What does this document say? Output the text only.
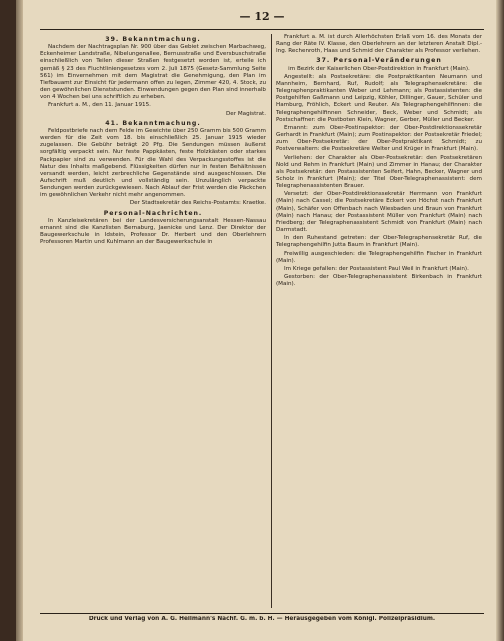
— 12 —
39. Bekanntmachung.

Nachdem der Nachtragsplan Nr. 900 über das Gebiet zwischen Marbachweg, Eckenheimer Landstraße, Nibelungenallee, Bernusstraße und Eversbuschstraße einschließlich von Teilen dieser Straßen festgesetzt worden ist, erteile ich gemäß § 23 des Fluchtliniengesetzes vom 2. Juli 1875 (Gesetz-Sammlung Seite 561) im Einvernehmen mit dem Magistrat die Genehmigung, den Plan im Tiefbauamt zur Einsicht für jedermann offen zu legen, Zimmer 420, 4. Stock, zu den gewöhnlichen Dienststunden. Einwendungen gegen den Plan sind innerhalb von 4 Wochen bei uns schriftlich zu erheben.

Frankfurt a. M., den 11. Januar 1915.

Der Magistrat.

41. Bekanntmachung.

Feldpostbriefe nach dem Felde im Gewichte über 250 Gramm bis 500 Gramm werden für die Zeit vom 18. bis einschließlich 25. Januar 1915 wieder zugelassen. Die Gebühr beträgt 20 Pfg. Die Sendungen müssen äußerst sorgfältig verpackt sein. Nur feste Pappkästen, feste Holzkästen oder starkes Packpapier sind zu verwenden. Für die Wahl des Verpackungsstoffes ist die Natur des Inhalts maßgebend. Flüssigkeiten dürfen nur in festen Behältnissen versandt werden, leicht zerbrechliche Gegenstände sind ausgeschlossen. Die Aufschrift muß deutlich und vollständig sein. Unzulänglich verpackte Sendungen werden zurückgewiesen. Nach Ablauf der Frist werden die Päckchen im gewöhnlichen Verkehr nicht mehr angenommen.

Der Stadtsekretär des Reichs-Postamts: Kraetke.

Personal-Nachrichten.

In Kanzleisekretären bei der Landesversicherungsanstalt Hessen-Nassau ernannt sind die Kanzlisten Bernaburg, Jaenicke und Lenz. Der Direktor der Baugewerkschule in Idstein, Professor Dr. Herbert und den Oberlehrern Professoren Martin und Kuhlmann an der Baugewerkschule in

Frankfurt a. M. ist durch Allerhöchsten Erlaß vom 16. des Monats der Rang der Räte IV. Klasse, den Oberlehrern an der letzteren Anstalt Dipl.-Ing. Rechenroth, Haas und Schmid der Charakter als Professor verliehen.

37. Personal-Veränderungen

im Bezirk der Kaiserlichen Ober-Postdirektion in Frankfurt (Main).

Angestellt: als Postsekretäre: die Postpraktikanten Neumann und Mannheim, Bernhard, Ruf, Rudolf; als Telegraphensekretäre: die Telegraphenpraktikanten Weber und Lehmann; als Postassistenten: die Postgehilfen Gaßmann und Leipzig, Köhler, Dillinger, Gauer, Schüler und Hamburg, Fröhlich, Eckert und Reuter. Als Telegraphengehilfinnen: die Telegraphengehilfinnen Schneider, Beck, Weber und Schmidt; als Postschaffner: die Postboten Klein, Wagner, Gerber, Müller und Becker.

Ernannt: zum Ober-Postinspektor: der Ober-Postdirektionssekretär Gerhardt in Frankfurt (Main); zum Postinspektor: der Postsekretär Friedel; zum Ober-Postsekretär: der Ober-Postpraktikant Schmidt; zu Postverwaltern: die Postsekretäre Welter und Krüger in Frankfurt (Main).

Verliehen: der Charakter als Ober-Postsekretär: den Postsekretären Nold und Rehm in Frankfurt (Main) und Zimmer in Hanau; der Charakter als Postsekretär: den Postassistenten Seifert, Hahn, Becker, Wagner und Scholz in Frankfurt (Main); der Titel Ober-Telegraphenassistent: dem Telegraphenassistenten Brauer.

Versetzt: der Ober-Postdirektionssekretär Herrmann von Frankfurt (Main) nach Cassel; die Postsekretäre Eckert von Höchst nach Frankfurt (Main), Schäfer von Offenbach nach Wiesbaden und Braun von Frankfurt (Main) nach Hanau; der Postassistent Müller von Frankfurt (Main) nach Friedberg; der Telegraphenassistent Schmidt von Frankfurt (Main) nach Darmstadt.

In den Ruhestand getreten: der Ober-Telegraphensekretär Ruf, die Telegraphengehilfin Jutta Baum in Frankfurt (Main).

Freiwillig ausgeschieden: die Telegraphengehilfin Fischer in Frankfurt (Main).

Im Kriege gefallen: der Postassistent Paul Weil in Frankfurt (Main).

Gestorben: der Ober-Telegraphenassistent Birkenbach in Frankfurt (Main).

Druck und Verlag von A. G. Heilmann's Nachf. G. m. b. H. — Herausgegeben vom Königl. Polizeipräsidium.
